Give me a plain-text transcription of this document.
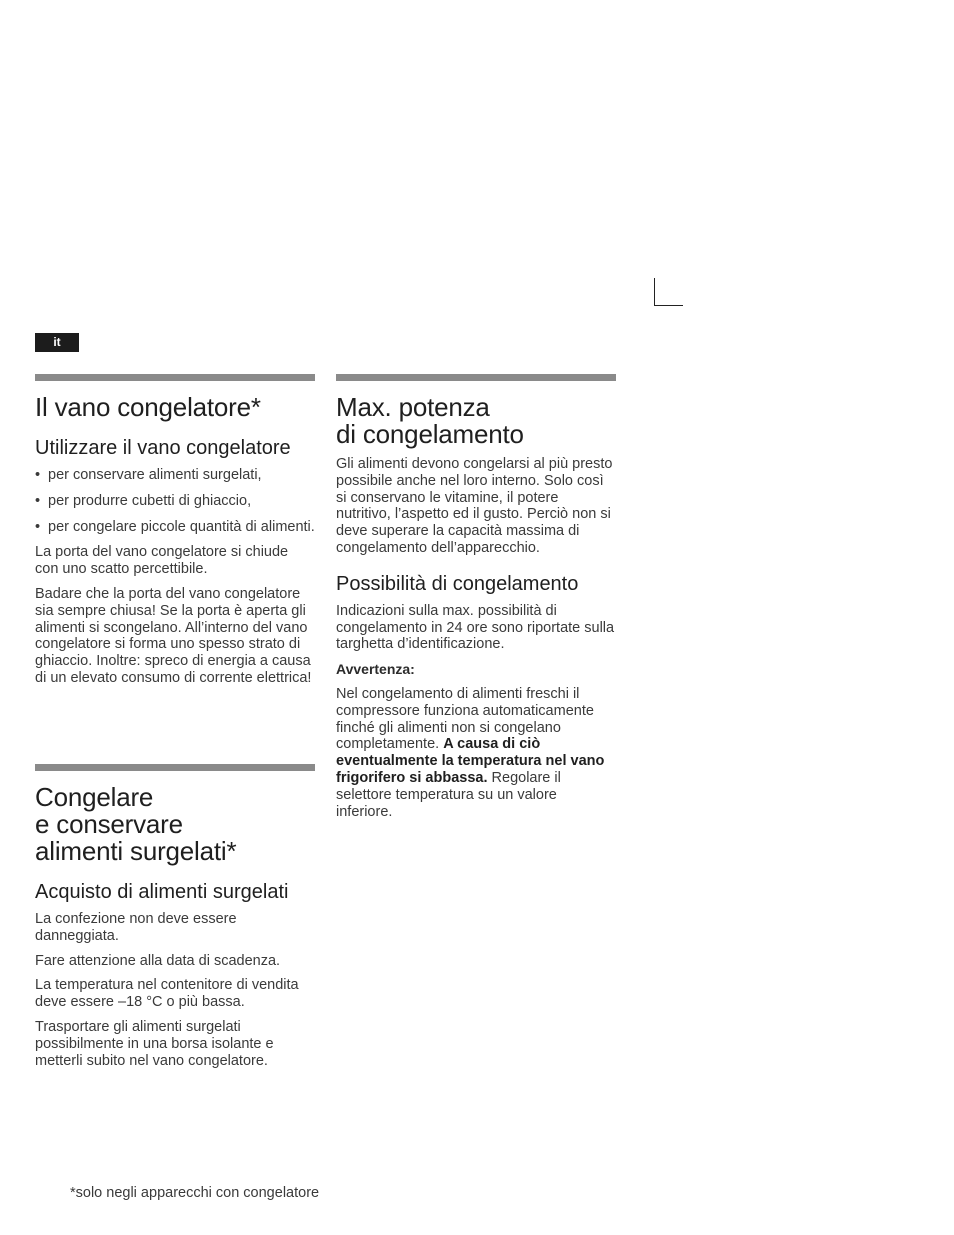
it
Il vano congelatore*
Utilizzare il vano congelatore
• per conservare alimenti surgelati,
• per produrre cubetti di ghiaccio,
• per congelare piccole quantità di alimenti.

La porta del vano congelatore si chiude con uno scatto percettibile.

Badare che la porta del vano congelatore sia sempre chiusa! Se la porta è aperta gli alimenti si scongelano. All’interno del vano congelatore si forma uno spesso strato di ghiaccio. Inoltre: spreco di energia a causa di un elevato consumo di corrente elettrica!

Congelare
e conservare
alimenti surgelati*
Acquisto di alimenti surgelati

La confezione non deve essere danneggiata.

Fare attenzione alla data di scadenza.

La temperatura nel contenitore di vendita deve essere –18 °C o più bassa.

Trasportare gli alimenti surgelati possibilmente in una borsa isolante e metterli subito nel vano congelatore.

Max. potenza
di congelamento

Gli alimenti devono congelarsi al più presto possibile anche nel loro interno. Solo così si conservano le vitamine, il potere nutritivo, l’aspetto ed il gusto. Perciò non si deve superare la capacità massima di congelamento dell’apparecchio.

Possibilità di congelamento

Indicazioni sulla max. possibilità di congelamento in 24 ore sono riportate sulla targhetta d’identificazione.

Avvertenza:

Nel congelamento di alimenti freschi il compressore funziona automaticamente finché gli alimenti non si congelano completamente. A causa di ciò eventualmente la temperatura nel vano frigorifero si abbassa. Regolare il selettore temperatura su un valore inferiore.

*solo negli apparecchi con congelatore
